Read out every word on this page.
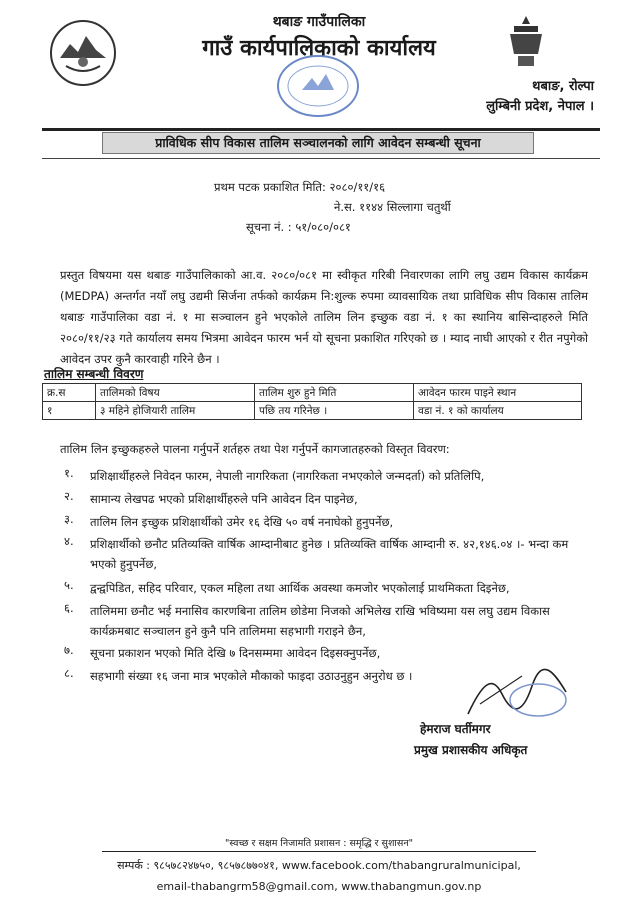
थबाङ गाउँपालिका
गाउँ कार्यपालिकाको कार्यालय
थबाङ, रोल्पा
लुम्बिनी प्रदेश, नेपाल ।
प्राविधिक सीप विकास तालिम सञ्चालनको लागि आवेदन सम्बन्धी सूचना
प्रथम पटक प्रकाशित मिति: २०८०/११/१६
ने.स. ११४४ सिल्लागा चतुर्थी
सूचना नं. : ५१/०८०/०८१
प्रस्तुत विषयमा यस थबाङ गाउँपालिकाको आ.व. २०८०/०८१ मा स्वीकृत गरिबी निवारणका लागि लघु उद्यम विकास कार्यक्रम (MEDPA) अन्तर्गत नयाँ लघु उद्यमी सिर्जना तर्फको कार्यक्रम नि:शुल्क रुपमा व्यावसायिक तथा प्राविधिक सीप विकास तालिम थबाङ गाउँपालिका वडा नं. १ मा सञ्चालन हुने भएकोले तालिम लिन इच्छुक वडा नं. १ का स्थानिय बासिन्दाहरुले मिति २०८०/११/२३ गते कार्यालय समय भित्रमा आवेदन फारम भर्न यो सूचना प्रकाशित गरिएको छ । म्याद नाघी आएको र रीत नपुगेको आवेदन उपर कुनै कारवाही गरिने छैन ।
तालिम सम्बन्धी विवरण
क्र.स	तालिमको विषय	तालिम शुरु हुने मिति	आवेदन फारम पाइने स्थान
१	३ महिने होजियारी तालिम	पछि तय गरिनेछ ।	वडा नं. १ को कार्यालय
तालिम लिन इच्छुकहरुले पालना गर्नुपर्ने शर्तहरु तथा पेश गर्नुपर्ने कागजातहरुको विस्तृत विवरण:
१. प्रशिक्षार्थीहरुले निवेदन फारम, नेपाली नागरिकता (नागरिकता नभएकोले जन्मदर्ता) को प्रतिलिपि,
२. सामान्य लेखपढ भएको प्रशिक्षार्थीहरुले पनि आवेदन दिन पाइनेछ,
३. तालिम लिन इच्छुक प्रशिक्षार्थीको उमेर १६ देखि ५० वर्ष ननाघेको हुनुपर्नेछ,
४. प्रशिक्षार्थीको छनौट प्रतिव्यक्ति वार्षिक आम्दानीबाट हुनेछ । प्रतिव्यक्ति वार्षिक आम्दानी रु. ४२,१४६.०४ ।- भन्दा कम भएको हुनुपर्नेछ,
५. द्वन्द्वपिडित, सहिद परिवार, एकल महिला तथा आर्थिक अवस्था कमजोर भएकोलाई प्राथमिकता दिइनेछ,
६. तालिममा छनौट भई मनासिव कारणबिना तालिम छोडेमा निजको अभिलेख राखि भविष्यमा यस लघु उद्यम विकास कार्यक्रमबाट सञ्चालन हुने कुनै पनि तालिममा सहभागी गराइने छैन,
७. सूचना प्रकाशन भएको मिति देखि ७ दिनसम्ममा आवेदन दिइसक्नुपर्नेछ,
८. सहभागी संख्या १६ जना मात्र भएकोले मौकाको फाइदा उठाउनुहुन अनुरोध छ ।
हेमराज घर्तीमगर
प्रमुख प्रशासकीय अधिकृत
"स्वच्छ र सक्षम निजामति प्रशासन : समृद्धि र सुशासन"
सम्पर्क : ९८५७८२४७५०, ९८५७८७७०४१, www.facebook.com/thabangruralmunicipal,
email-thabangrm58@gmail.com, www.thabangmun.gov.np
